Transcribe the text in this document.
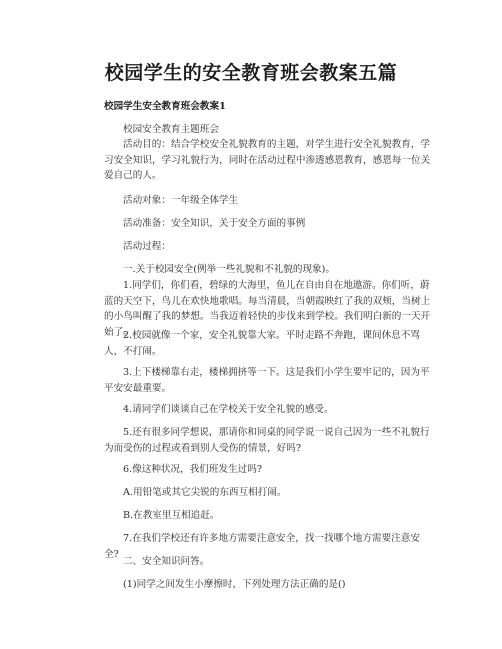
校园学生的安全教育班会教案五篇

校园学生安全教育班会教案1

校园安全教育主题班会

活动目的：结合学校安全礼貌教育的主题，对学生进行安全礼貌教育，学习安全知识，学习礼貌行为，同时在活动过程中渗透感恩教育，感恩每一位关爱自己的人。

活动对象：一年级全体学生

活动准备：安全知识，关于安全方面的事例

活动过程：

一.关于校园安全(例举一些礼貌和不礼貌的现象)。

1.同学们，你们看，碧绿的大海里，鱼儿在自由自在地遨游。你们听，蔚蓝的天空下，鸟儿在欢快地歌唱。每当清晨，当朝霞映红了我的双颊，当树上的小鸟叫醒了我的梦想。当我迈着轻快的步伐来到学校。我们明白新的一天开始了。

2.校园就像一个家，安全礼貌靠大家。平时走路不奔跑，课间休息不骂人，不打闹。

3.上下楼梯靠右走，楼梯拥挤等一下。这是我们小学生要牢记的，因为平平安安最重要。

4.请同学们谈谈自己在学校关于安全礼貌的感受。

5.还有很多同学想说，那请你和同桌的同学说一说自己因为一些不礼貌行为而受伤的过程或看到别人受伤的情景，好吗?

6.像这种状况，我们班发生过吗?

A.用铅笔或其它尖锐的东西互相打闹。

B.在教室里互相追赶。

7.在我们学校还有许多地方需要注意安全，找一找哪个地方需要注意安全?

二、安全知识问答。

(1)同学之间发生小摩擦时，下列处理方法正确的是()
